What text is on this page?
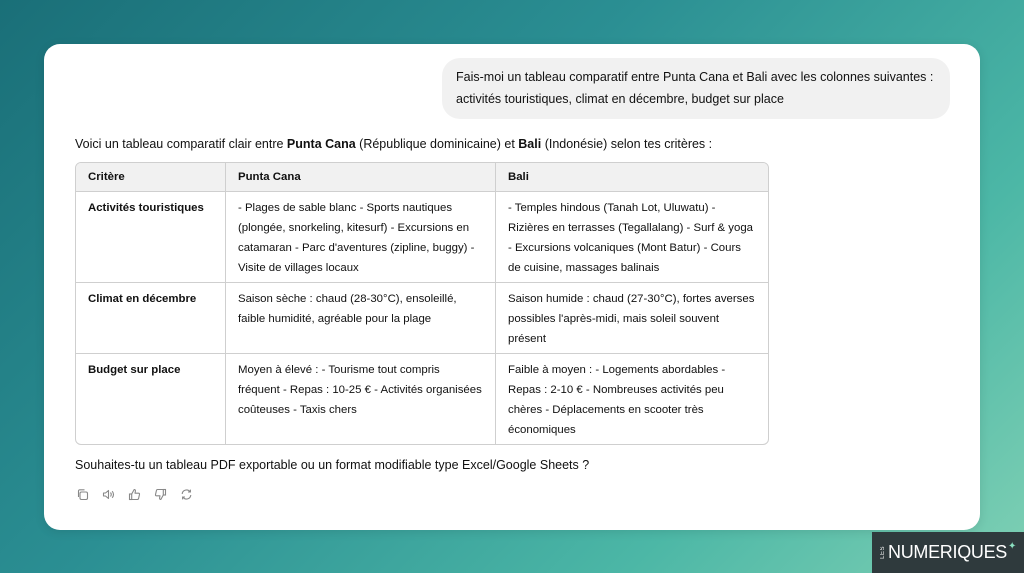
Fais-moi un tableau comparatif entre Punta Cana et Bali avec les colonnes suivantes :
activités touristiques, climat en décembre, budget sur place
Voici un tableau comparatif clair entre Punta Cana (République dominicaine) et Bali (Indonésie) selon tes critères :
Critère	Punta Cana	Bali
Activités touristiques	- Plages de sable blanc - Sports nautiques (plongée, snorkeling, kitesurf) - Excursions en catamaran - Parc d'aventures (zipline, buggy) - Visite de villages locaux	- Temples hindous (Tanah Lot, Uluwatu) - Rizières en terrasses (Tegallalang) - Surf & yoga - Excursions volcaniques (Mont Batur) - Cours de cuisine, massages balinais
Climat en décembre	Saison sèche : chaud (28-30°C), ensoleillé, faible humidité, agréable pour la plage	Saison humide : chaud (27-30°C), fortes averses possibles l'après-midi, mais soleil souvent présent
Budget sur place	Moyen à élevé : - Tourisme tout compris fréquent - Repas : 10-25 € - Activités organisées coûteuses - Taxis chers	Faible à moyen : - Logements abordables - Repas : 2-10 € - Nombreuses activités peu chères - Déplacements en scooter très économiques
Souhaites-tu un tableau PDF exportable ou un format modifiable type Excel/Google Sheets ?
LES NUMERIQUES ✦
